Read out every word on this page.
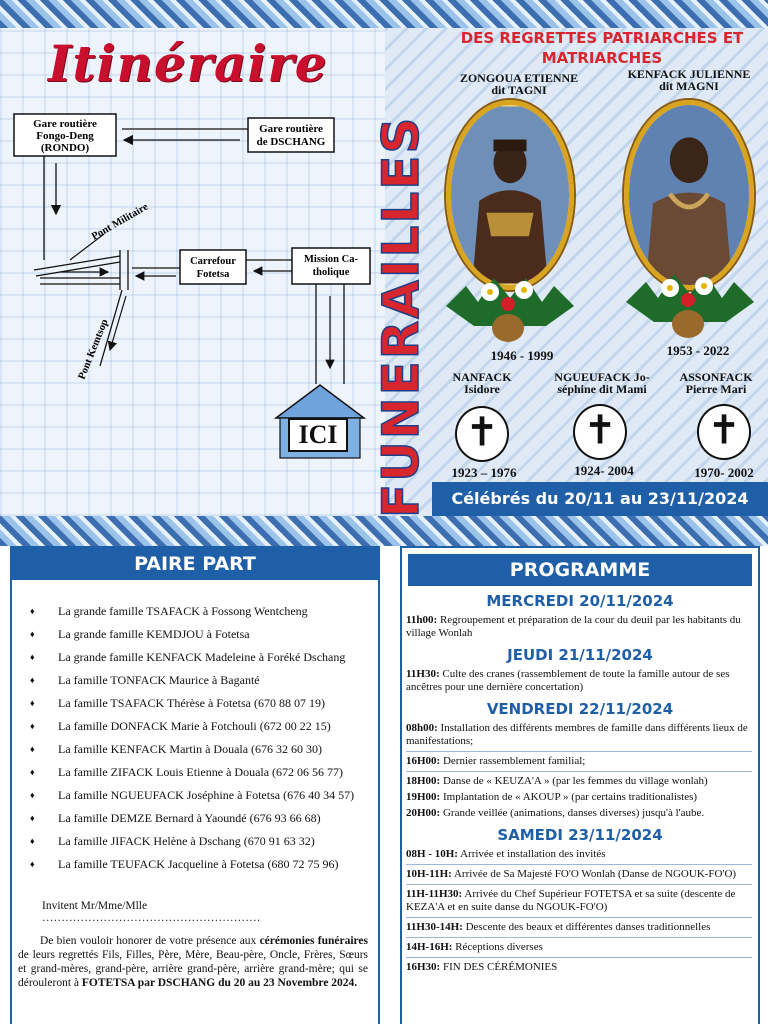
Itinéraire
Gare routière
Fongo-Deng
(RONDO)
Gare routière
de DSCHANG
Carrefour
Fotetsa
Mission Ca-
tholique
Pont Militaire
Pont Kemtsop
ICI FUNERAILLES
DES REGRETTES PATRIARCHES ET MATRIARCHES
ZONGOUA ETIENNE
dit TAGNI
KENFACK JULIENNE
dit MAGNI
1946 - 1999	1953 - 2022
NANFACK
Isidore
NGUEUFACK Jo-
séphine dit Mami
ASSONFACK
Pierre Mari
✝ ✝ ✝
1923 – 1976	1924- 2004	1970- 2002
Célébrés du 20/11 au 23/11/2024
PAIRE PART
♦ La grande famille TSAFACK à Fossong Wentcheng
♦ La grande famille KEMDJOU à Fotetsa
♦ La grande famille KENFACK Madeleine à Foréké Dschang
♦ La famille TONFACK Maurice à Baganté
♦ La famille TSAFACK Thérèse à Fotetsa (670 88 07 19)
♦ La famille DONFACK Marie à Fotchouli (672 00 22 15)
♦ La famille KENFACK Martin à Douala (676 32 60 30)
♦ La famille ZIFACK Louis Etienne à Douala (672 06 56 77)
♦ La famille NGUEUFACK Joséphine à Fotetsa (676 40 34 57)
♦ La famille DEMZE Bernard à Yaoundé (676 93 66 68)
♦ La famille JIFACK Helène à Dschang (670 91 63 32)
♦ La famille TEUFACK Jacqueline à Fotetsa (680 72 75 96)
Invitent Mr/Mme/Mlle …………………………………………………
De bien vouloir honorer de votre présence aux cérémonies funéraires de leurs regrettés Fils, Filles, Père, Mère, Beau-père, Oncle, Frères, Sœurs et grand-mères, grand-père, arrière grand-père, arrière grand-mère; qui se dérouleront à FOTETSA par DSCHANG du 20 au 23 Novembre 2024.
PROGRAMME
MERCREDI 20/11/2024
11h00: Regroupement et préparation de la cour du deuil par les habitants du village Wonlah
JEUDI 21/11/2024
11H30: Culte des cranes (rassemblement de toute la famille autour de ses ancêtres pour une dernière concertation)
VENDREDI 22/11/2024
08h00: Installation des différents membres de famille dans différents lieux de manifestations;
16H00: Dernier rassemblement familial;
18H00: Danse de « KEUZA'A » (par les femmes du village wonlah)
19H00: Implantation de « AKOUP » (par certains traditionalistes)
20H00: Grande veillée (animations, danses diverses) jusqu'à l'aube.
SAMEDI 23/11/2024
08H - 10H: Arrivée et installation des invités
10H-11H: Arrivée de Sa Majesté FO'O Wonlah (Danse de NGOUK-FO'O)
11H-11H30: Arrivée du Chef Supérieur FOTETSA et sa suite (descente de KEZA'A et en suite danse du NGOUK-FO'O)
11H30-14H: Descente des beaux et différentes danses traditionnelles
14H-16H: Réceptions diverses
16H30: FIN DES CÉRÉMONIES
